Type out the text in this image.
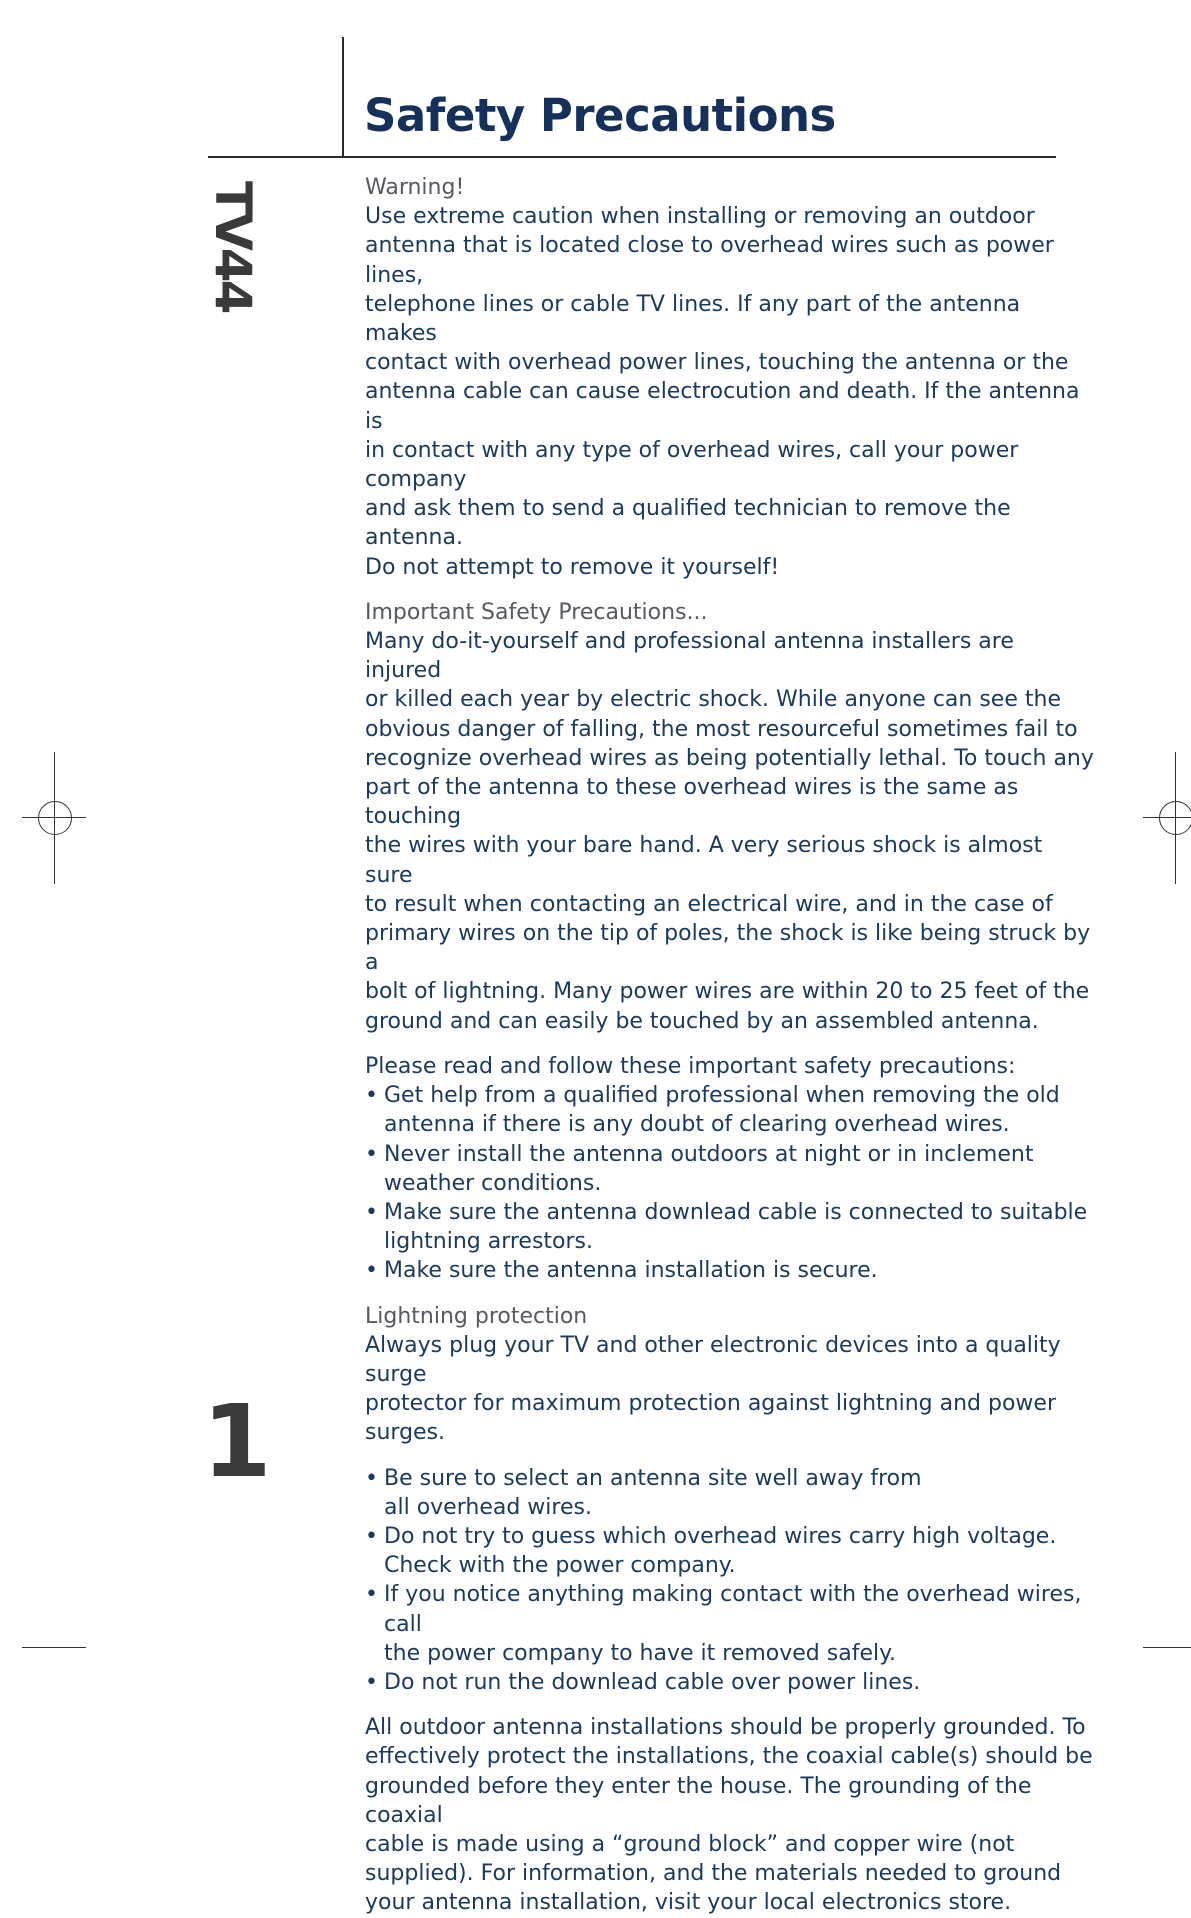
Safety Precautions
TV44
1

Warning!

Use extreme caution when installing or removing an outdoor

antenna that is located close to overhead wires such as power lines,

telephone lines or cable TV lines. If any part of the antenna makes

contact with overhead power lines, touching the antenna or the

antenna cable can cause electrocution and death. If the antenna is

in contact with any type of overhead wires, call your power company

and ask them to send a qualified technician to remove the antenna.

Do not attempt to remove it yourself!

Important Safety Precautions...

Many do-it-yourself and professional antenna installers are injured

or killed each year by electric shock. While anyone can see the

obvious danger of falling, the most resourceful sometimes fail to

recognize overhead wires as being potentially lethal. To touch any

part of the antenna to these overhead wires is the same as touching

the wires with your bare hand. A very serious shock is almost sure

to result when contacting an electrical wire, and in the case of

primary wires on the tip of poles, the shock is like being struck by a

bolt of lightning. Many power wires are within 20 to 25 feet of the

ground and can easily be touched by an assembled antenna.

Please read and follow these important safety precautions:

• Get help from a qualified professional when removing the old
antenna if there is any doubt of clearing overhead wires.
• Never install the antenna outdoors at night or in inclement
weather conditions.
• Make sure the antenna downlead cable is connected to suitable
lightning arrestors.
• Make sure the antenna installation is secure.

Lightning protection

Always plug your TV and other electronic devices into a quality surge

protector for maximum protection against lightning and power surges.

• Be sure to select an antenna site well away from
all overhead wires.
• Do not try to guess which overhead wires carry high voltage.
Check with the power company.
• If you notice anything making contact with the overhead wires, call
the power company to have it removed safely.
• Do not run the downlead cable over power lines.

All outdoor antenna installations should be properly grounded. To

effectively protect the installations, the coaxial cable(s) should be

grounded before they enter the house. The grounding of the coaxial

cable is made using a “ground block” and copper wire (not

supplied). For information, and the materials needed to ground

your antenna installation, visit your local electronics store.
